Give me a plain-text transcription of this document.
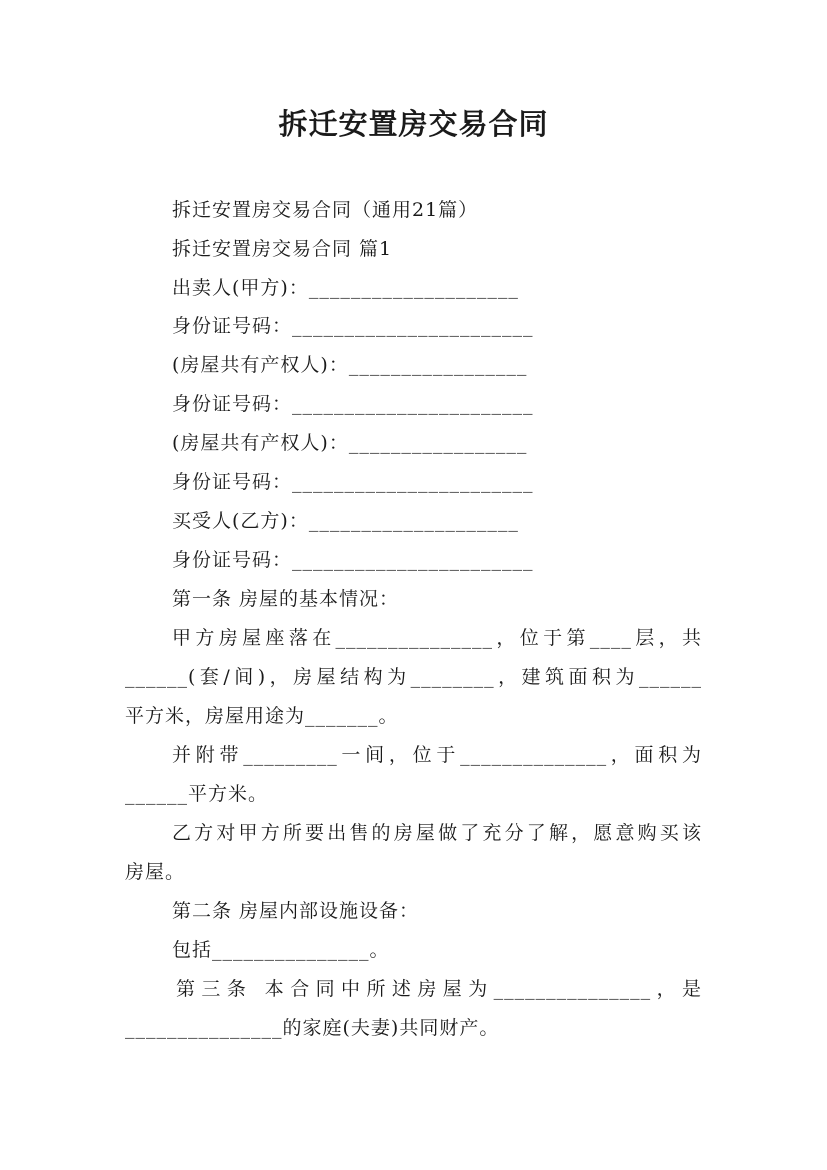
拆迁安置房交易合同
拆迁安置房交易合同（通用21篇）
拆迁安置房交易合同 篇1
出卖人(甲方)：____________________
身份证号码：_______________________
(房屋共有产权人)：_________________
身份证号码：_______________________
(房屋共有产权人)：_________________
身份证号码：_______________________
买受人(乙方)：____________________
身份证号码：_______________________
第一条 房屋的基本情况：
甲方房屋座落在_______________，位于第____层，共
______(套/间)，房屋结构为________，建筑面积为______
平方米，房屋用途为_______。
并附带_________一间，位于______________，面积为
______平方米。
乙方对甲方所要出售的房屋做了充分了解，愿意购买该
房屋。
第二条 房屋内部设施设备：
包括_______________。
第三条 本合同中所述房屋为_______________，是
_______________的家庭(夫妻)共同财产。
